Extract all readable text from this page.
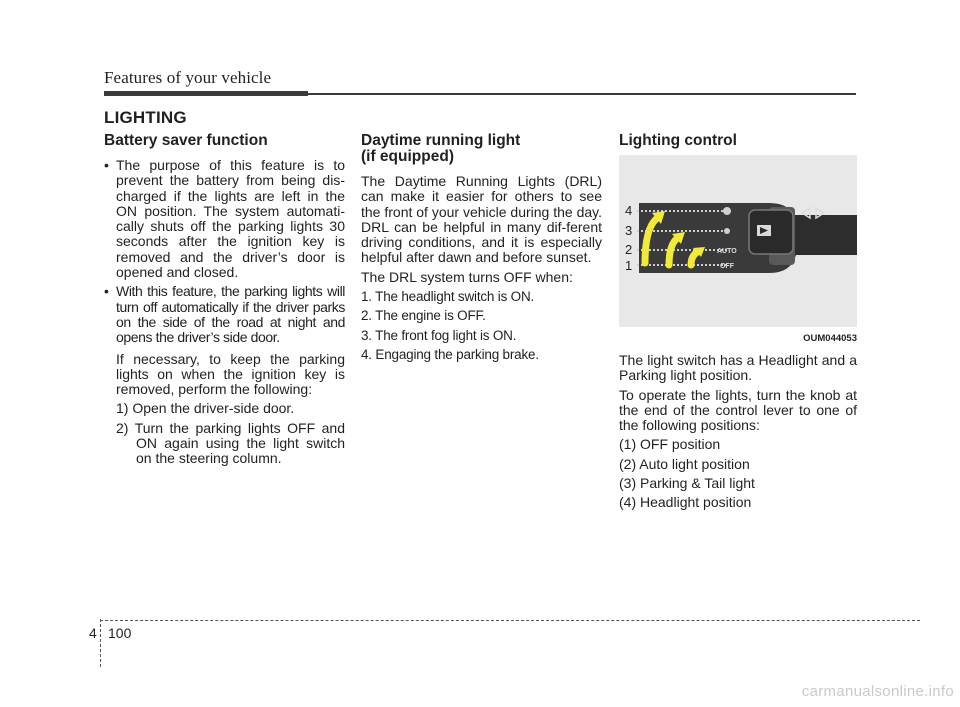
Features of your vehicle
LIGHTING
Battery saver function
• The purpose of this feature is to prevent the battery from being dis-charged if the lights are left in the ON position. The system automati-cally shuts off the parking lights 30 seconds after the ignition key is removed and the driver’s door is opened and closed.
• With this feature, the parking lights will turn off automatically if the driver parks on the side of the road at night and opens the driver’s side door.

If necessary, to keep the parking lights on when the ignition key is removed, perform the following:

1) Open the driver-side door.

2) Turn the parking lights OFF and ON again using the light switch on the steering column.

Daytime running light
(if equipped)

The Daytime Running Lights (DRL) can make it easier for others to see the front of your vehicle during the day. DRL can be helpful in many dif-ferent driving conditions, and it is especially helpful after dawn and before sunset.

The DRL system turns OFF when:

1. The headlight switch is ON.

2. The engine is OFF.

3. The front fog light is ON.

4. Engaging the parking brake.

Lighting control
AUTO
OFF
4
3
2
1
OUM044053

The light switch has a Headlight and a Parking light position.

To operate the lights, turn the knob at the end of the control lever to one of the following positions:

(1) OFF position

(2) Auto light position

(3) Parking & Tail light

(4) Headlight position

4 100
carmanualsonline.info
